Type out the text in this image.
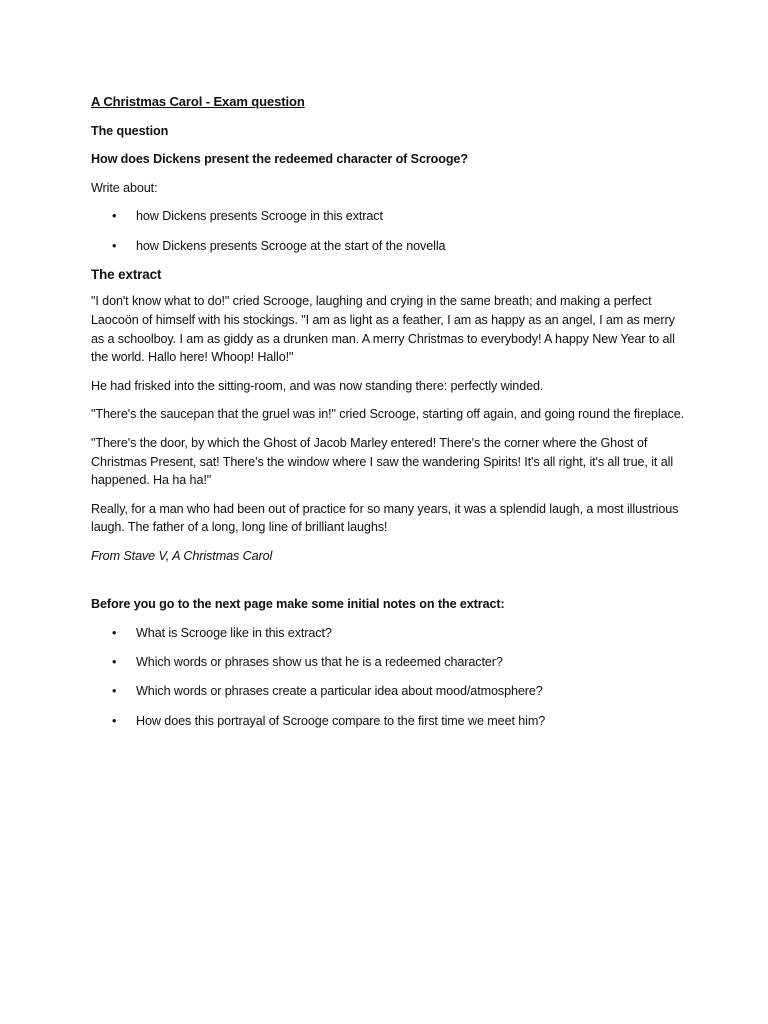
A Christmas Carol - Exam question

The question

How does Dickens present the redeemed character of Scrooge?

Write about:

• how Dickens presents Scrooge in this extract
• how Dickens presents Scrooge at the start of the novella

The extract

"I don't know what to do!" cried Scrooge, laughing and crying in the same breath; and making a perfect Laocoön of himself with his stockings. "I am as light as a feather, I am as happy as an angel, I am as merry as a schoolboy. I am as giddy as a drunken man. A merry Christmas to everybody! A happy New Year to all the world. Hallo here! Whoop! Hallo!"

He had frisked into the sitting-room, and was now standing there: perfectly winded.

"There's the saucepan that the gruel was in!" cried Scrooge, starting off again, and going round the fireplace.

"There's the door, by which the Ghost of Jacob Marley entered! There's the corner where the Ghost of Christmas Present, sat! There's the window where I saw the wandering Spirits! It's all right, it's all true, it all happened. Ha ha ha!"

Really, for a man who had been out of practice for so many years, it was a splendid laugh, a most illustrious laugh. The father of a long, long line of brilliant laughs!

From Stave V, A Christmas Carol

Before you go to the next page make some initial notes on the extract:

• What is Scrooge like in this extract?
• Which words or phrases show us that he is a redeemed character?
• Which words or phrases create a particular idea about mood/atmosphere?
• How does this portrayal of Scrooge compare to the first time we meet him?
